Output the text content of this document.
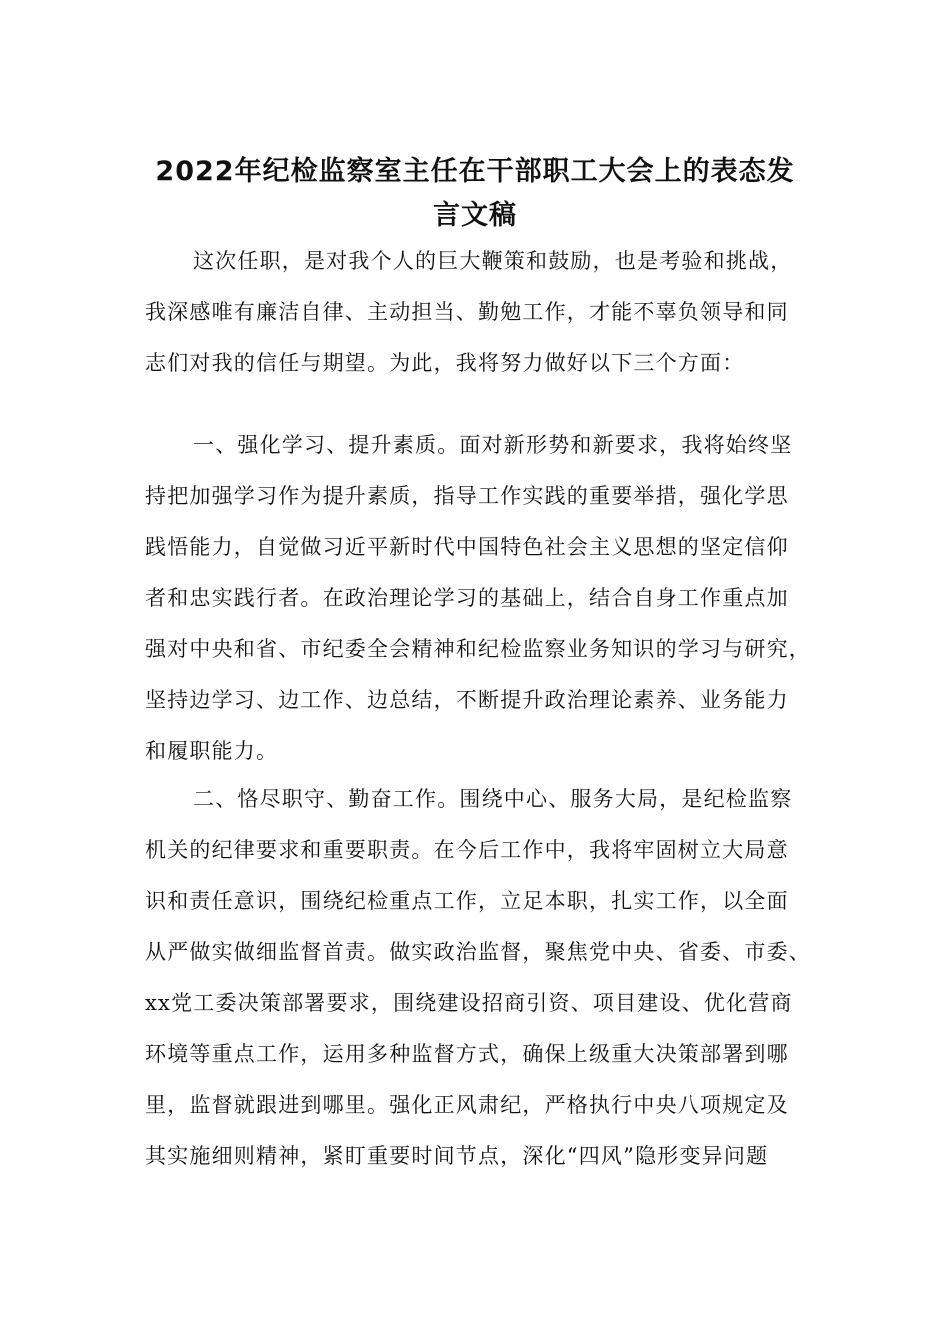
2022年纪检监察室主任在干部职工大会上的表态发
言文稿
这次任职，是对我个人的巨大鞭策和鼓励，也是考验和挑战，
我深感唯有廉洁自律、主动担当、勤勉工作，才能不辜负领导和同
志们对我的信任与期望。为此，我将努力做好以下三个方面：
一、强化学习、提升素质。面对新形势和新要求，我将始终坚
持把加强学习作为提升素质，指导工作实践的重要举措，强化学思
践悟能力，自觉做习近平新时代中国特色社会主义思想的坚定信仰
者和忠实践行者。在政治理论学习的基础上，结合自身工作重点加
强对中央和省、市纪委全会精神和纪检监察业务知识的学习与研究，
坚持边学习、边工作、边总结，不断提升政治理论素养、业务能力
和履职能力。
二、恪尽职守、勤奋工作。围绕中心、服务大局，是纪检监察
机关的纪律要求和重要职责。在今后工作中，我将牢固树立大局意
识和责任意识，围绕纪检重点工作，立足本职，扎实工作，以全面
从严做实做细监督首责。做实政治监督，聚焦党中央、省委、市委、
xx党工委决策部署要求，围绕建设招商引资、项目建设、优化营商
环境等重点工作，运用多种监督方式，确保上级重大决策部署到哪
里，监督就跟进到哪里。强化正风肃纪，严格执行中央八项规定及
其实施细则精神，紧盯重要时间节点，深化“四风”隐形变异问题
